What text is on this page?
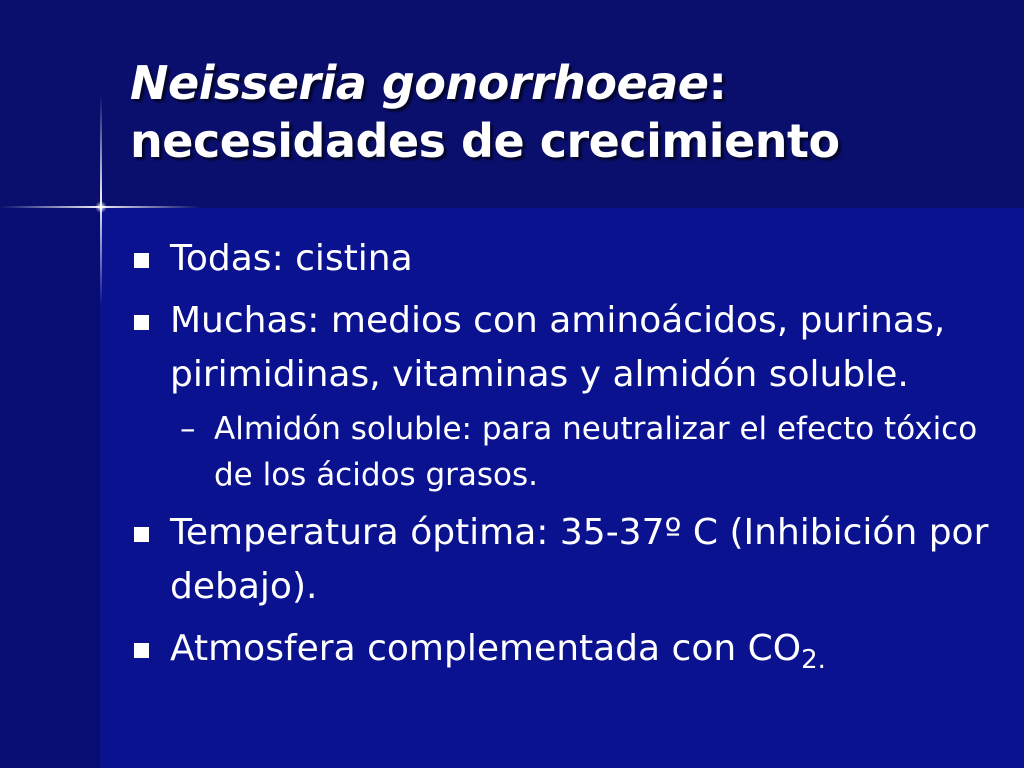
Neisseria gonorrhoeae:
necesidades de crecimiento
Todas: cistina
Muchas: medios con aminoácidos, purinas, pirimidinas, vitaminas y almidón soluble.
– Almidón soluble: para neutralizar el efecto tóxico de los ácidos grasos.
Temperatura óptima: 35-37º C (Inhibición por debajo).
Atmosfera complementada con $CO_{2.}$
